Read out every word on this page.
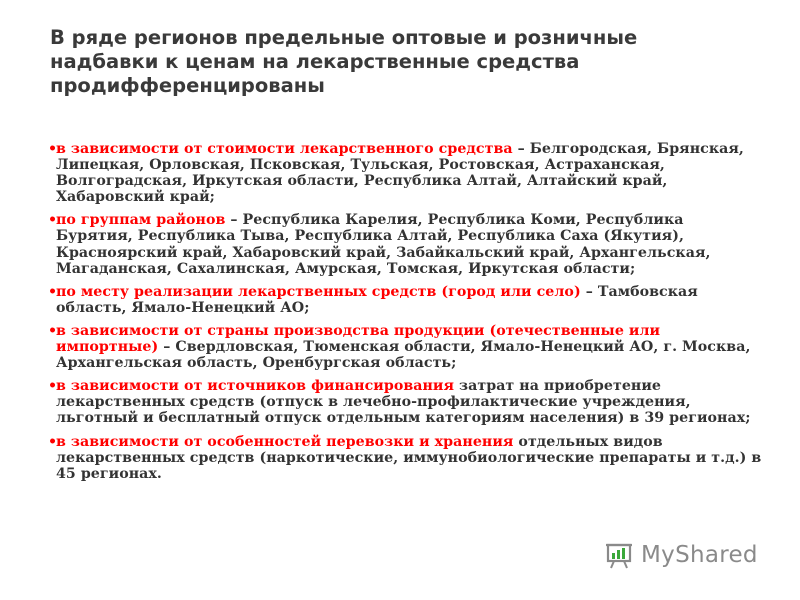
В ряде регионов предельные оптовые и розничные надбавки к ценам на лекарственные средства продифференцированы
•
в зависимости от стоимости лекарственного средства – Белгородская, Брянская, Липецкая, Орловская, Псковская, Тульская, Ростовская, Астраханская, Волгоградская, Иркутская области, Республика Алтай, Алтайский край, Хабаровский край;
•
по группам районов – Республика Карелия, Республика Коми, Республика Бурятия, Республика Тыва, Республика Алтай, Республика Саха (Якутия), Красноярский край, Хабаровский край, Забайкальский край, Архангельская, Магаданская, Сахалинская, Амурская, Томская, Иркутская области;
•
по месту реализации лекарственных средств (город или село) – Тамбовская область, Ямало-Ненецкий АО;
•
в зависимости от страны производства продукции (отечественные или импортные) – Свердловская, Тюменская области, Ямало-Ненецкий АО, г. Москва, Архангельская область, Оренбургская область;
•
в зависимости от источников финансирования затрат на приобретение лекарственных средств (отпуск в лечебно-профилактические учреждения, льготный и бесплатный отпуск отдельным категориям населения) в 39 регионах;
•
в зависимости от особенностей перевозки и хранения отдельных видов лекарственных средств (наркотические, иммунобиологические препараты и т.д.) в 45 регионах.
MyShared
